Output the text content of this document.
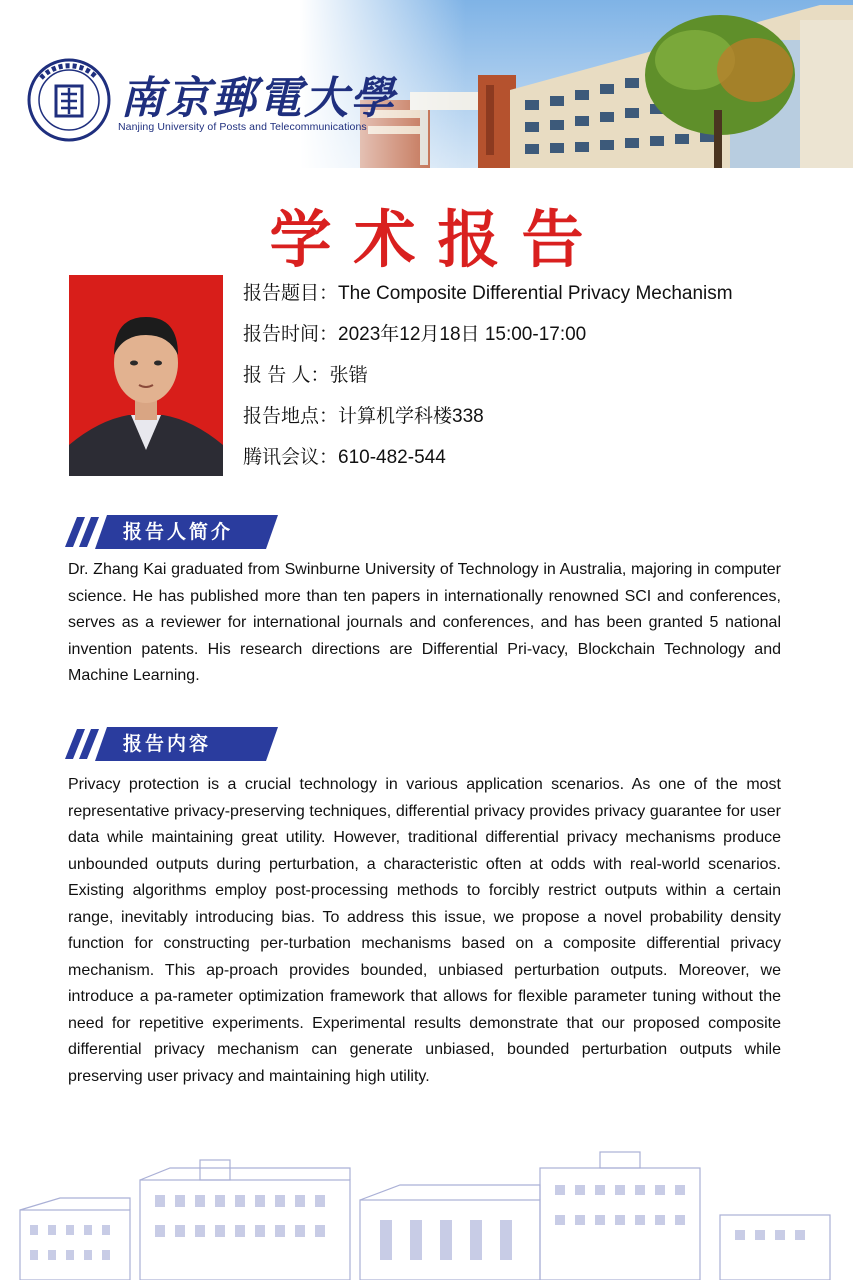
南京郵電大學
Nanjing University of Posts and Telecommunications
学术报告
报告题目：The Composite Differential Privacy Mechanism
报告时间：2023年12月18日 15:00-17:00
报 告 人：张锴
报告地点：计算机学科楼338
腾讯会议：610-482-544
报告人简介

Dr. Zhang Kai graduated from Swinburne University of Technology in Australia, majoring in computer science. He has published more than ten papers in internationally renowned SCI and conferences, serves as a reviewer for international journals and conferences, and has been granted 5 national invention patents. His research directions are Differential Pri-vacy, Blockchain Technology and Machine Learning.

报告内容

Privacy protection is a crucial technology in various application scenarios. As one of the most representative privacy-preserving techniques, differential privacy provides privacy guarantee for user data while maintaining great utility. However, traditional differential privacy mechanisms produce unbounded outputs during perturbation, a characteristic often at odds with real-world scenarios. Existing algorithms employ post-processing methods to forcibly restrict outputs within a certain range, inevitably introducing bias. To address this issue, we propose a novel probability density function for constructing per-turbation mechanisms based on a composite differential privacy mechanism. This ap-proach provides bounded, unbiased perturbation outputs. Moreover, we introduce a pa-rameter optimization framework that allows for flexible parameter tuning without the need for repetitive experiments. Experimental results demonstrate that our proposed composite differential privacy mechanism can generate unbiased, bounded perturbation outputs while preserving user privacy and maintaining high utility.
